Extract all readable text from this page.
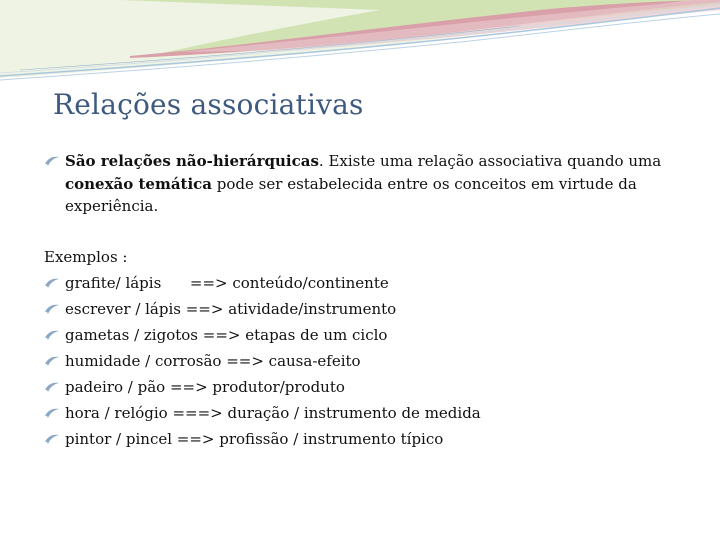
Relações associativas
São relações não-hierárquicas. Existe uma relação associativa quando uma conexão temática pode ser estabelecida entre os conceitos em virtude da experiência.
Exemplos :
grafite/ lápis      ==> conteúdo/continente
escrever / lápis ==> atividade/instrumento
gametas / zigotos ==> etapas de um ciclo
humidade / corrosão ==> causa-efeito
padeiro / pão ==> produtor/produto
hora / relógio ===> duração / instrumento de medida
pintor / pincel ==> profissão / instrumento típico
